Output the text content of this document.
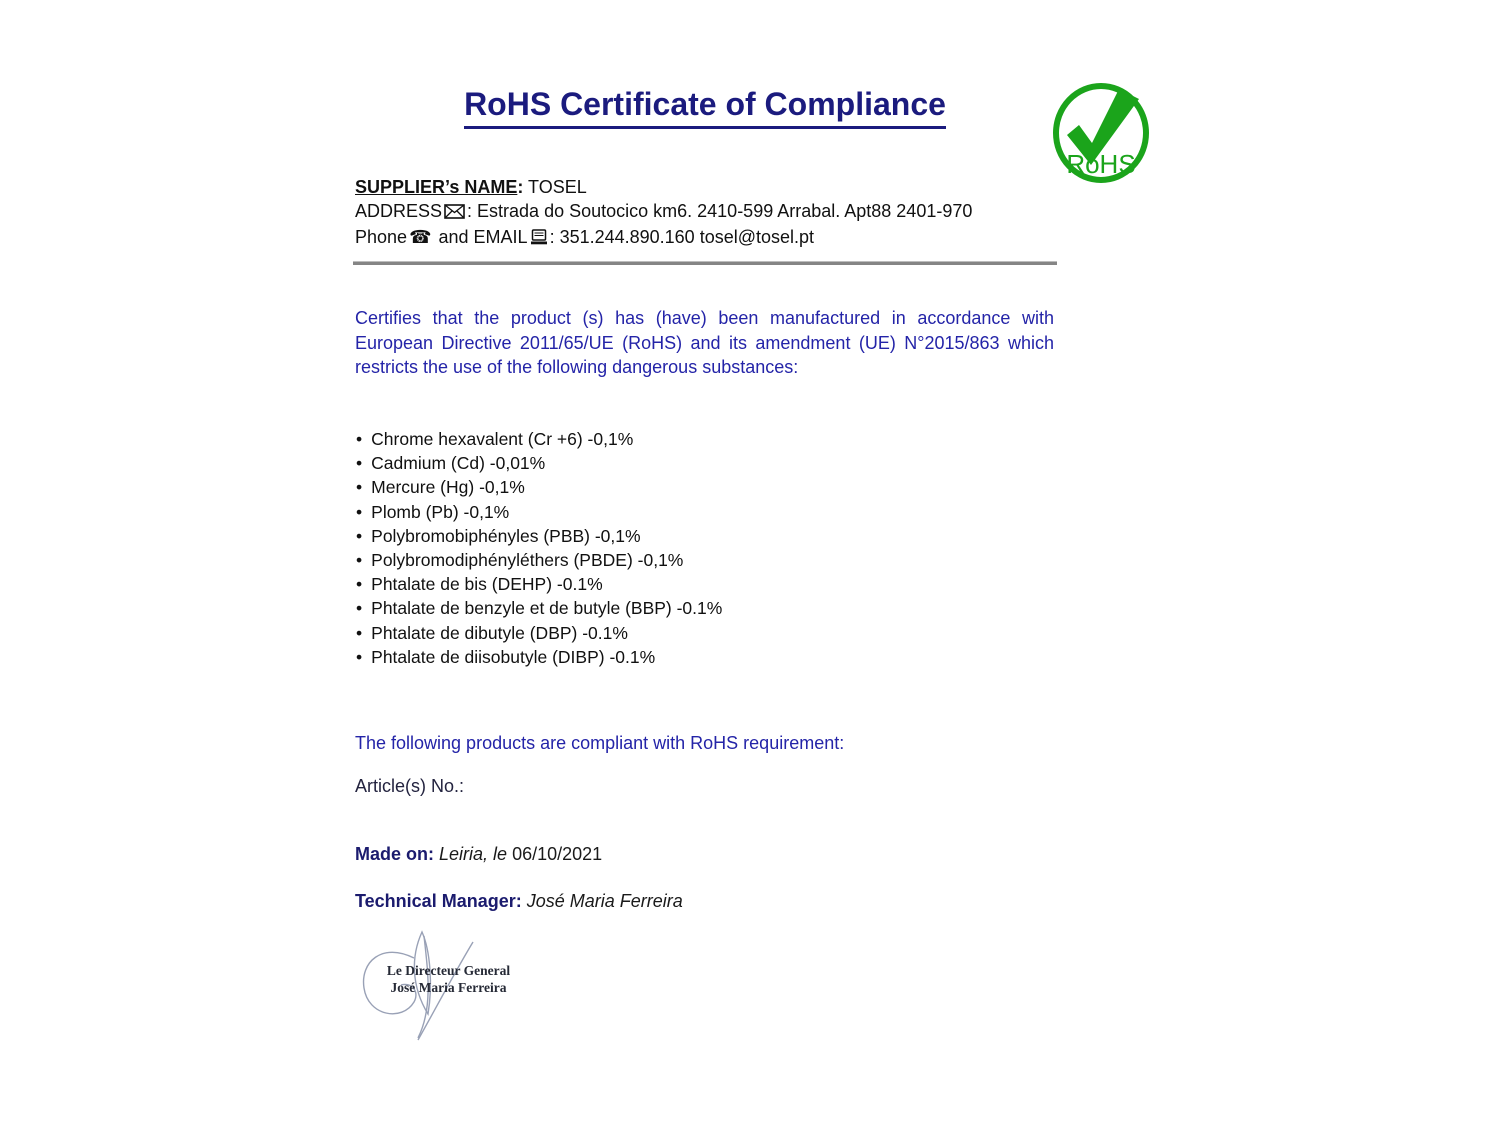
RoHS Certificate of Compliance
RoHS
SUPPLIER’s NAME: TOSEL
ADDRESS : Estrada do Soutocico km6. 2410-599 Arrabal. Apt88 2401-970
Phone ☎ and EMAIL : 351.244.890.160 tosel@tosel.pt
Certifies that the product (s) has (have) been manufactured in accordance with European Directive 2011/65/UE (RoHS) and its amendment (UE) N°2015/863 which restricts the use of the following dangerous substances:
• Chrome hexavalent (Cr +6) -0,1%
• Cadmium (Cd) -0,01%
• Mercure (Hg) -0,1%
• Plomb (Pb) -0,1%
• Polybromobiphényles (PBB) -0,1%
• Polybromodiphényléthers (PBDE) -0,1%
• Phtalate de bis (DEHP) -0.1%
• Phtalate de benzyle et de butyle (BBP) -0.1%
• Phtalate de dibutyle (DBP) -0.1%
• Phtalate de diisobutyle (DIBP) -0.1%
The following products are compliant with RoHS requirement:
Article(s) No.:
Made on: Leiria, le 06/10/2021
Technical Manager: José Maria Ferreira
Le Directeur General
José Maria Ferreira
